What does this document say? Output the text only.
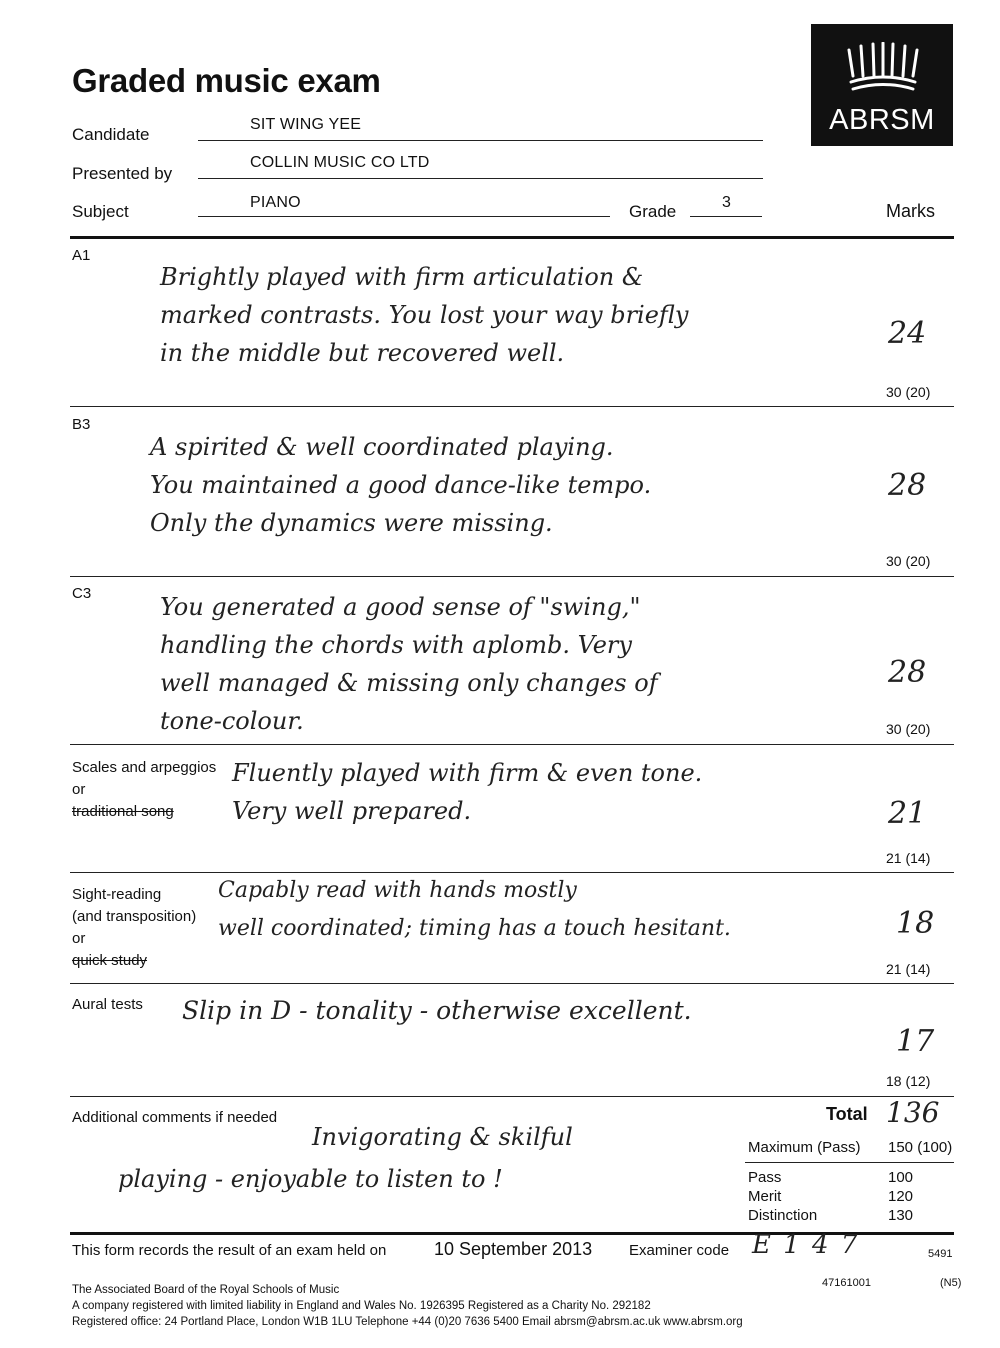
Graded music exam
ABRSM
Candidate
SIT WING YEE
Presented by
COLLIN MUSIC CO LTD
Subject	PIANO	Grade	3	Marks
A1
Brightly played with firm articulation &
marked contrasts. You lost your way briefly
in the middle but recovered well.
24
30 (20)
B3
A spirited & well coordinated playing.
You maintained a good dance-like tempo.
Only the dynamics were missing.
28
30 (20)
C3	You generated a good sense of "swing,"
handling the chords with aplomb. Very
well managed & missing only changes of
tone-colour.
28
30 (20)
Scales and arpeggios
or
traditional song
Fluently played with firm & even tone.
Very well prepared.	21
21 (14)
Sight-reading
(and transposition)
or
quick study
Capably read with hands mostly
well coordinated; timing has a touch hesitant.	18
21 (14)
Aural tests Slip in D - tonality - otherwise excellent.
17
18 (12)
Additional comments if needed
Invigorating & skilful
playing - enjoyable to listen to !
Total 136
Maximum (Pass) 150 (100)
Pass	100
Merit	120
Distinction	130
This form records the result of an exam held on	10 September 2013 Examiner code E 1 4 7	5491
47161001	(N5)
The Associated Board of the Royal Schools of Music
A company registered with limited liability in England and Wales No. 1926395 Registered as a Charity No. 292182
Registered office: 24 Portland Place, London W1B 1LU Telephone +44 (0)20 7636 5400 Email abrsm@abrsm.ac.uk www.abrsm.org
